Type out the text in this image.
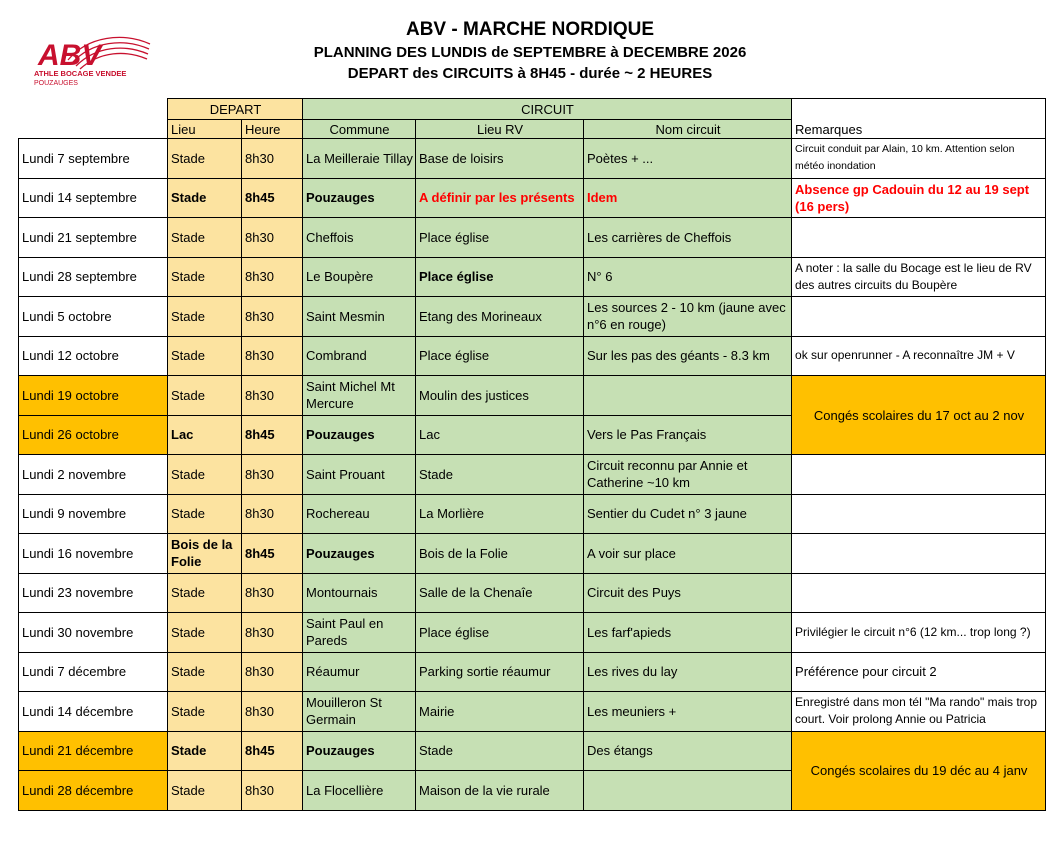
ABV
ATHLE BOCAGE VENDEE
POUZAUGES
ABV - MARCHE NORDIQUE
PLANNING DES LUNDIS de SEPTEMBRE à DECEMBRE 2026
DEPART des CIRCUITS à 8H45 - durée ~ 2 HEURES
	DEPART		CIRCUIT			Remarques
	Lieu	Heure	Commune	Lieu RV	Nom circuit	
Lundi 7 septembre	Stade	8h30	La Meilleraie Tillay	Base de loisirs	Poètes + ...	Circuit conduit par Alain, 10 km. Attention selon météo inondation
Lundi 14 septembre	Stade	8h45	Pouzauges	A définir par les présents	Idem	Absence gp Cadouin du 12 au 19 sept (16 pers)
Lundi 21 septembre	Stade	8h30	Cheffois	Place église	Les carrières de Cheffois	
Lundi 28 septembre	Stade	8h30	Le Boupère	Place église	N° 6	A noter : la salle du Bocage est le lieu de RV des autres circuits du Boupère
Lundi 5 octobre	Stade	8h30	Saint Mesmin	Etang des Morineaux	Les sources 2 - 10 km (jaune avec n°6 en rouge)	
Lundi 12 octobre	Stade	8h30	Combrand	Place église	Sur les pas des géants - 8.3 km	ok sur openrunner - A reconnaître JM + V
Lundi 19 octobre	Stade	8h30	Saint Michel Mt Mercure	Moulin des justices		Congés scolaires du 17 oct au 2 nov
Lundi 26 octobre	Lac	8h45	Pouzauges	Lac	Vers le Pas Français	
Lundi 2 novembre	Stade	8h30	Saint Prouant	Stade	Circuit reconnu par Annie et Catherine ~10 km	
Lundi 9 novembre	Stade	8h30	Rochereau	La Morlière	Sentier du Cudet n° 3 jaune	
Lundi 16 novembre	Bois de la Folie	8h45	Pouzauges	Bois de la Folie	A voir sur place	
Lundi 23 novembre	Stade	8h30	Montournais	Salle de la Chenaîe	Circuit des Puys	
Lundi 30 novembre	Stade	8h30	Saint Paul en Pareds	Place église	Les farf'apieds	Privilégier le circuit n°6 (12 km... trop long ?)
Lundi 7 décembre	Stade	8h30	Réaumur	Parking sortie réaumur	Les rives du lay	Préférence pour circuit 2
Lundi 14 décembre	Stade	8h30	Mouilleron St Germain	Mairie	Les meuniers +	Enregistré dans mon tél "Ma rando" mais trop court. Voir prolong Annie ou Patricia
Lundi 21 décembre	Stade	8h45	Pouzauges	Stade	Des étangs	Congés scolaires du 19 déc au 4 janv
Lundi 28 décembre	Stade	8h30	La Flocellière	Maison de la vie rurale		
